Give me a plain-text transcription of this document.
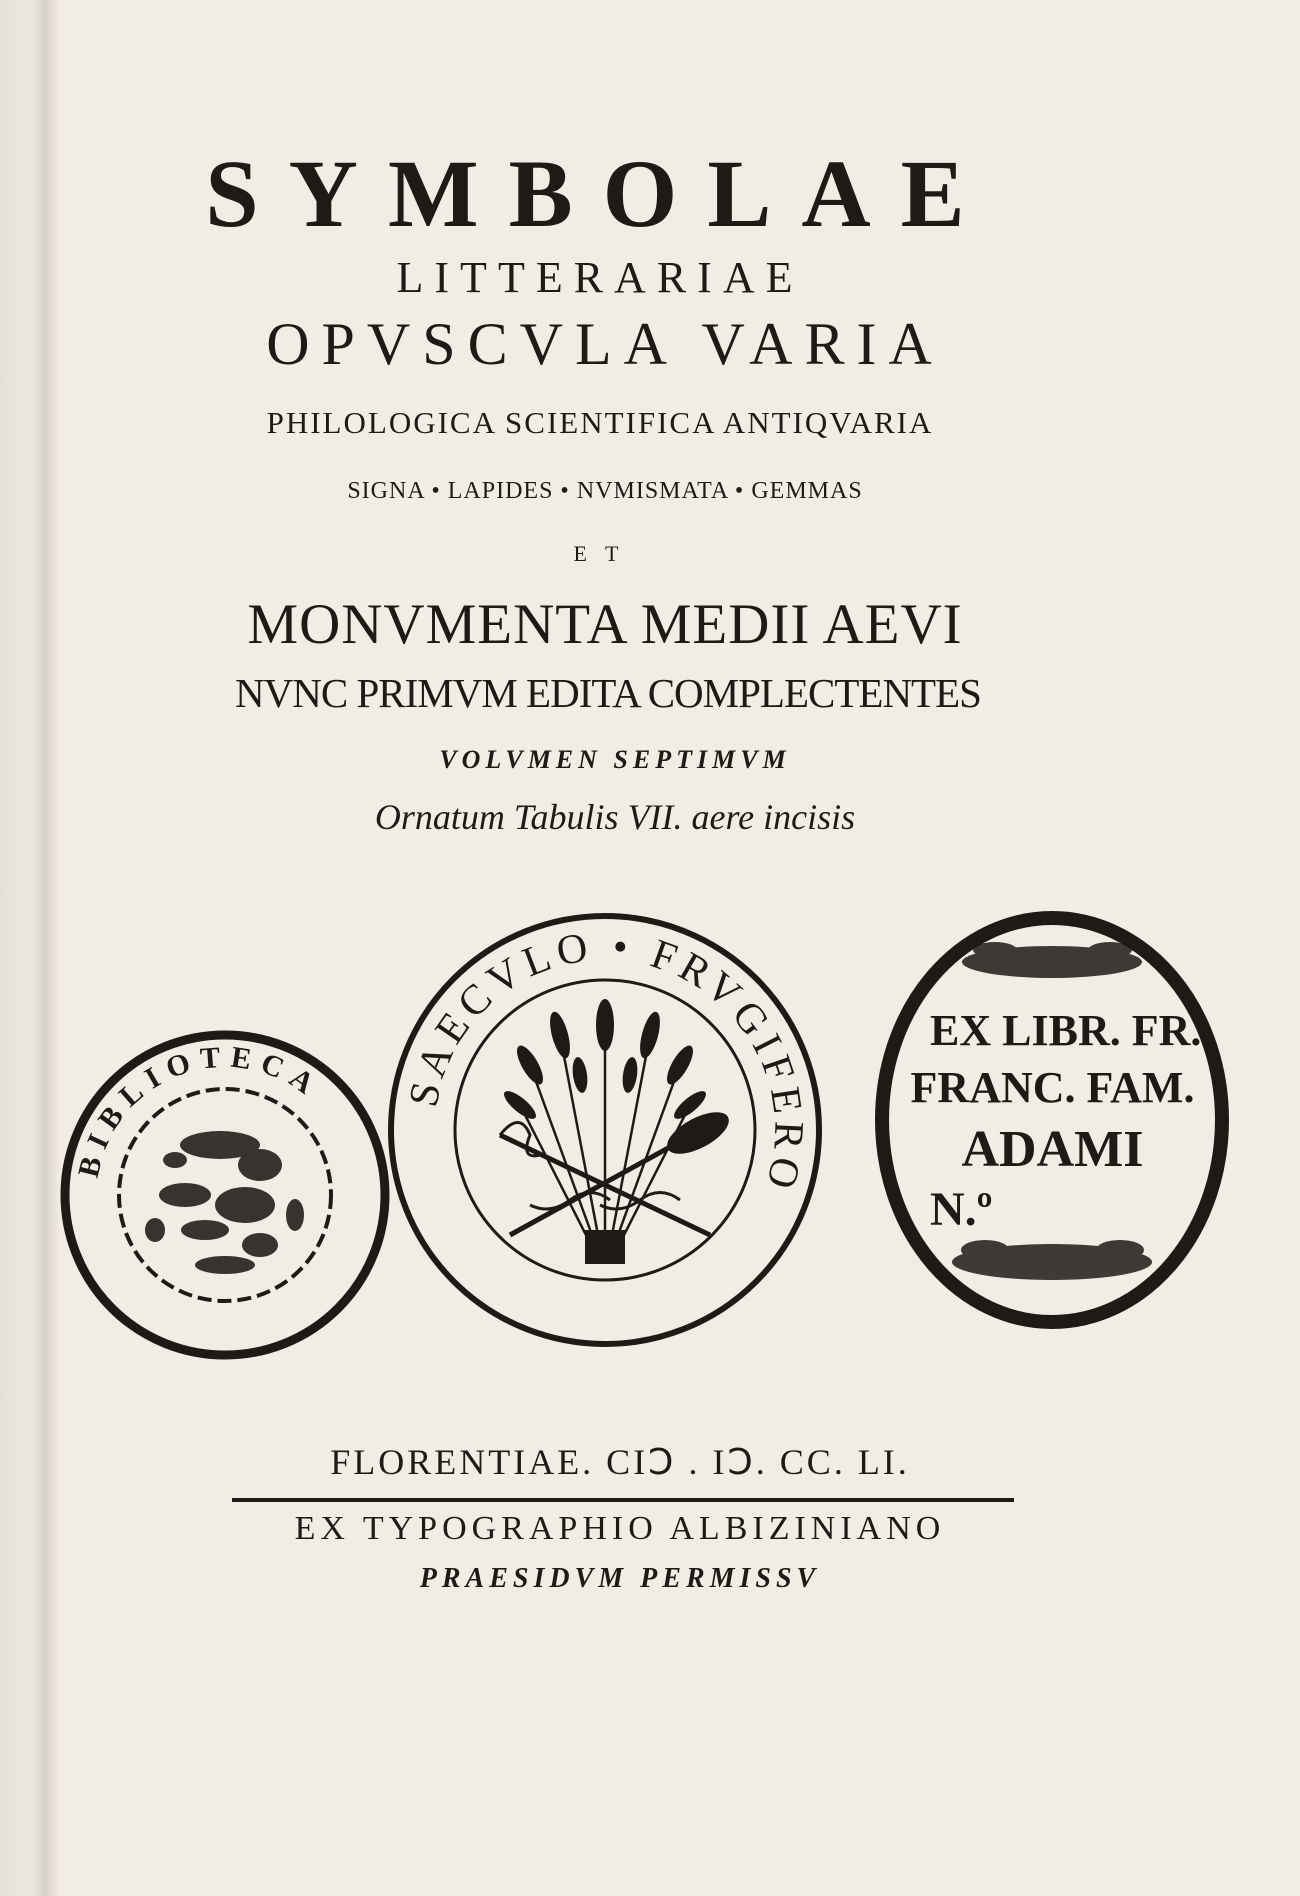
SYMBOLAE
LITTERARIAE
OPVSCVLA VARIA
PHILOLOGICA SCIENTIFICA ANTIQVARIA
SIGNA • LAPIDES • NVMISMATA • GEMMAS
ET
MONVMENTA MEDII AEVI
NVNC PRIMVM EDITA COMPLECTENTES
VOLVMEN SEPTIMVM
Ornatum Tabulis VII. aere incisis
BIBLIOTECA SAECVLO • FRVGIFERO
EX LIBR. FR.
FRANC. FAM.
ADAMI
N.º
FLORENTIAE. CIↃ . IↃ. CC. LI.
EX TYPOGRAPHIO ALBIZINIANO
PRAESIDVM PERMISSV
